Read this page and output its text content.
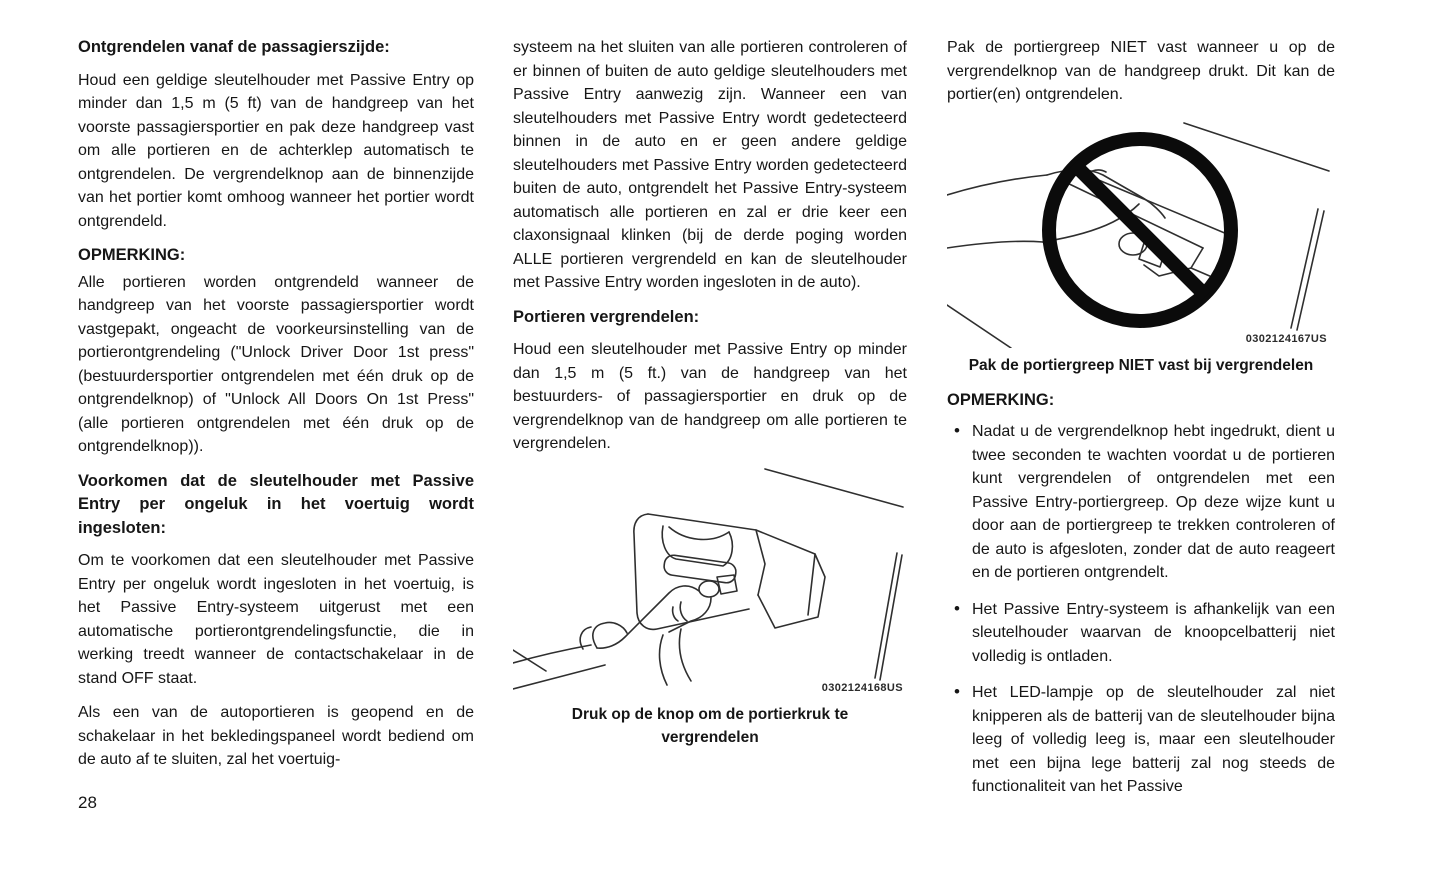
Ontgrendelen vanaf de passagierszijde:

Houd een geldige sleutelhouder met Passive Entry op minder dan 1,5 m (5 ft) van de handgreep van het voorste passagiersportier en pak deze handgreep vast om alle portieren en de achterklep automatisch te ontgrendelen. De vergrendelknop aan de binnenzijde van het portier komt omhoog wanneer het portier wordt ontgrendeld.

OPMERKING:

Alle portieren worden ontgrendeld wanneer de handgreep van het voorste passagiersportier wordt vastgepakt, ongeacht de voorkeursinstelling van de portierontgrendeling ("Unlock Driver Door 1st press" (bestuurdersportier ontgrendelen met één druk op de ontgrendelknop) of "Unlock All Doors On 1st Press" (alle portieren ontgrendelen met één druk op de ontgrendelknop)).

Voorkomen dat de sleutelhouder met Passive Entry per ongeluk in het voertuig wordt ingesloten:

Om te voorkomen dat een sleutelhouder met Passive Entry per ongeluk wordt ingesloten in het voertuig, is het Passive Entry-systeem uitgerust met een automatische portierontgrendelingsfunctie, die in werking treedt wanneer de contactschakelaar in de stand OFF staat.

Als een van de autoportieren is geopend en de schakelaar in het bekledingspaneel wordt bediend om de auto af te sluiten, zal het voertuig-

systeem na het sluiten van alle portieren controleren of er binnen of buiten de auto geldige sleutelhouders met Passive Entry aanwezig zijn. Wanneer een van sleutelhouders met Passive Entry wordt gedetecteerd binnen in de auto en er geen andere geldige sleutelhouders met Passive Entry worden gedetecteerd buiten de auto, ontgrendelt het Passive Entry-systeem automatisch alle portieren en zal er drie keer een claxonsignaal klinken (bij de derde poging worden ALLE portieren vergrendeld en kan de sleutelhouder met Passive Entry worden ingesloten in de auto).

Portieren vergrendelen:

Houd een sleutelhouder met Passive Entry op minder dan 1,5 m (5 ft.) van de handgreep van het bestuurders- of passagiersportier en druk op de vergrendelknop van de handgreep om alle portieren te vergrendelen.

0302124168US
Druk op de knop om de portierkruk te vergrendelen

Pak de portiergreep NIET vast wanneer u op de vergrendelknop van de handgreep drukt. Dit kan de portier(en) ontgrendelen.

0302124167US
Pak de portiergreep NIET vast bij vergrendelen
OPMERKING:
• Nadat u de vergrendelknop hebt ingedrukt, dient u twee seconden te wachten voordat u de portieren kunt vergrendelen of ontgrendelen met een Passive Entry-portiergreep. Op deze wijze kunt u door aan de portiergreep te trekken controleren of de auto is afgesloten, zonder dat de auto reageert en de portieren ontgrendelt.
• Het Passive Entry-systeem is afhankelijk van een sleutelhouder waarvan de knoopcelbatterij niet volledig is ontladen.
• Het LED-lampje op de sleutelhouder zal niet knipperen als de batterij van de sleutelhouder bijna leeg of volledig leeg is, maar een sleutelhouder met een bijna lege batterij zal nog steeds de functionaliteit van het Passive
28
